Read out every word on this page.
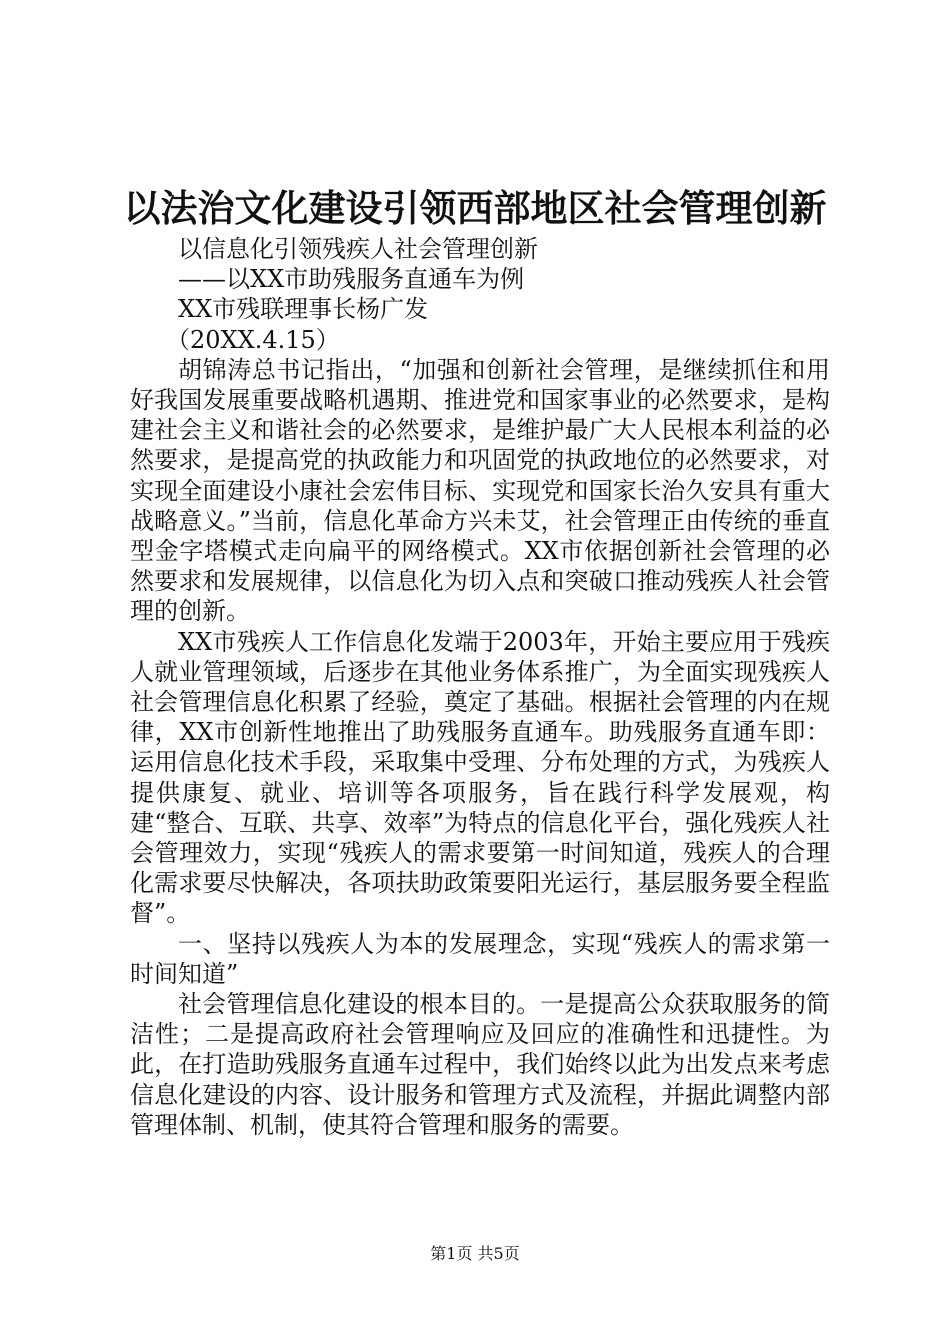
以法治文化建设引领西部地区社会管理创新

以信息化引领残疾人社会管理创新

——以XX市助残服务直通车为例

XX市残联理事长杨广发

（20XX.4.15）

胡锦涛总书记指出，“加强和创新社会管理，是继续抓住和用好我国发展重要战略机遇期、推进党和国家事业的必然要求，是构建社会主义和谐社会的必然要求，是维护最广大人民根本利益的必然要求，是提高党的执政能力和巩固党的执政地位的必然要求，对实现全面建设小康社会宏伟目标、实现党和国家长治久安具有重大战略意义。”当前，信息化革命方兴未艾，社会管理正由传统的垂直型金字塔模式走向扁平的网络模式。XX市依据创新社会管理的必然要求和发展规律，以信息化为切入点和突破口推动残疾人社会管理的创新。

XX市残疾人工作信息化发端于2003年，开始主要应用于残疾人就业管理领域，后逐步在其他业务体系推广，为全面实现残疾人社会管理信息化积累了经验，奠定了基础。根据社会管理的内在规律，XX市创新性地推出了助残服务直通车。助残服务直通车即：运用信息化技术手段，采取集中受理、分布处理的方式，为残疾人提供康复、就业、培训等各项服务，旨在践行科学发展观，构建“整合、互联、共享、效率”为特点的信息化平台，强化残疾人社会管理效力，实现“残疾人的需求要第一时间知道，残疾人的合理化需求要尽快解决，各项扶助政策要阳光运行，基层服务要全程监督”。

一、坚持以残疾人为本的发展理念，实现“残疾人的需求第一时间知道”

社会管理信息化建设的根本目的。一是提高公众获取服务的简洁性；二是提高政府社会管理响应及回应的准确性和迅捷性。为此，在打造助残服务直通车过程中，我们始终以此为出发点来考虑信息化建设的内容、设计服务和管理方式及流程，并据此调整内部管理体制、机制，使其符合管理和服务的需要。

第1页 共5页
